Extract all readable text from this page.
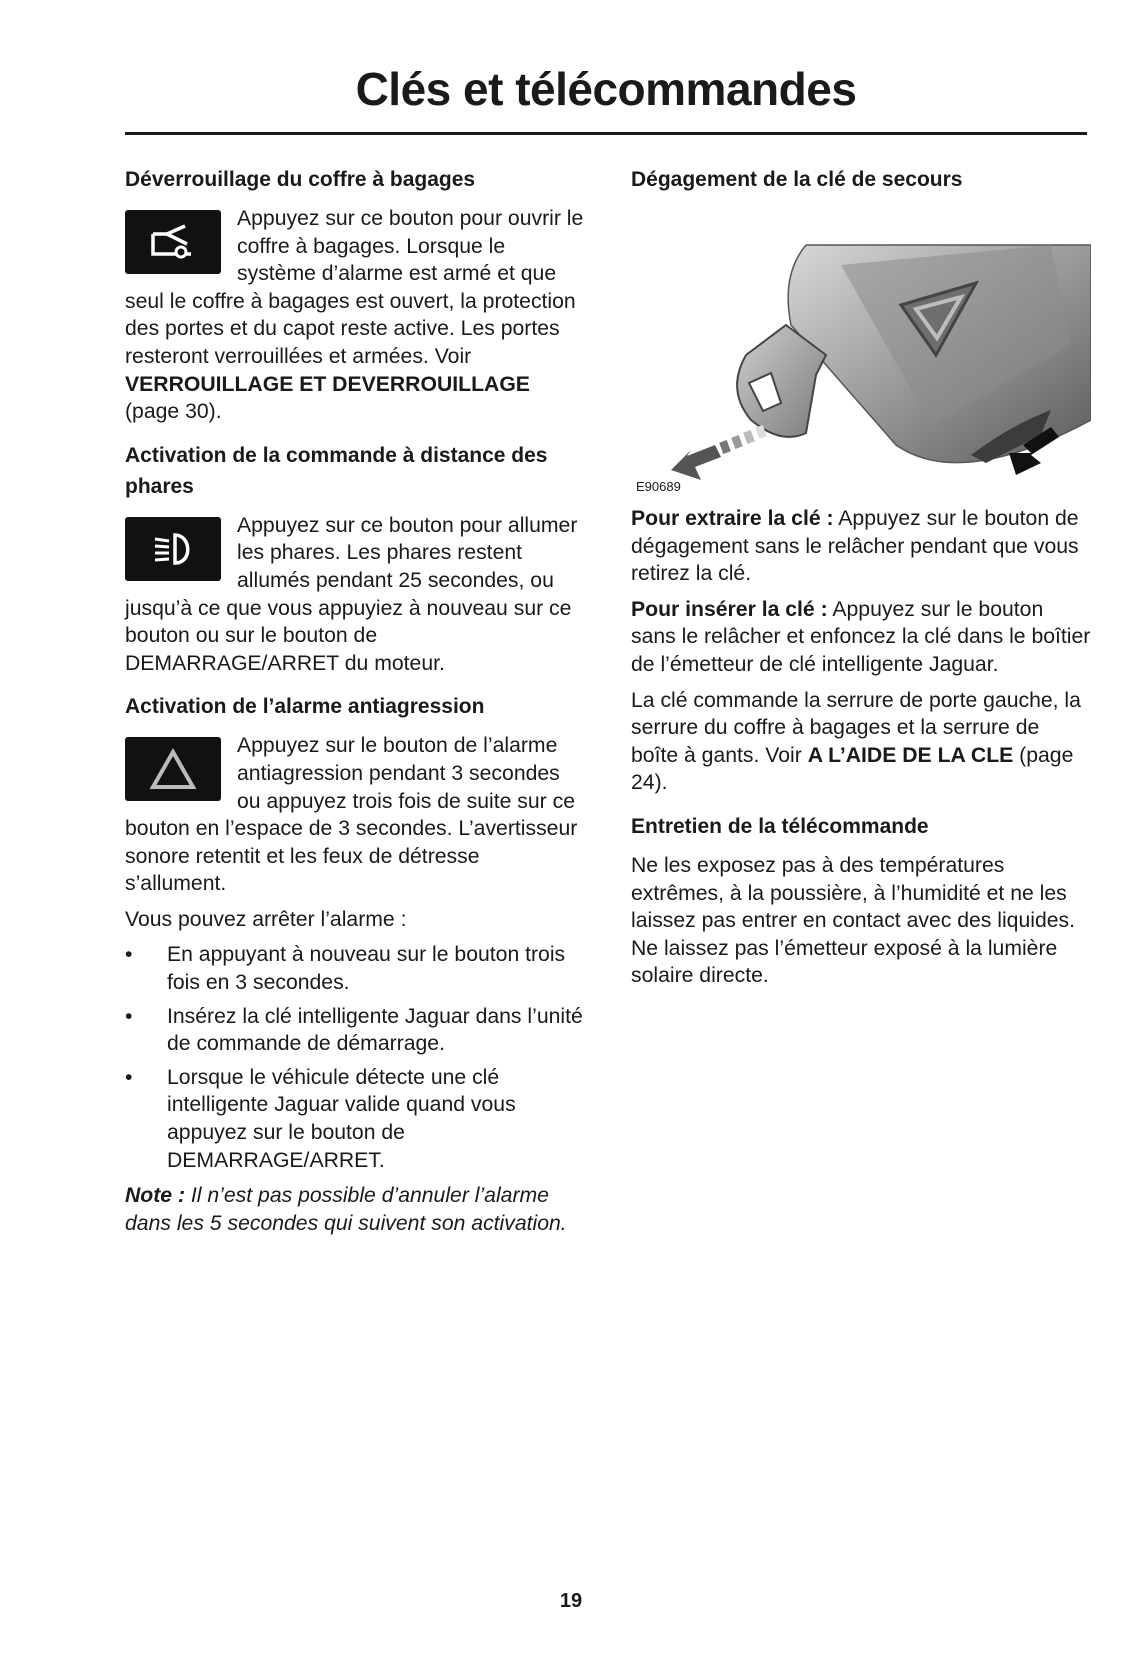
Clés et télécommandes
Déverrouillage du coffre à bagages

Appuyez sur ce bouton pour ouvrir le coffre à bagages. Lorsque le système d’alarme est armé et que seul le coffre à bagages est ouvert, la protection des portes et du capot reste active. Les portes resteront verrouillées et armées. Voir VERROUILLAGE ET DEVERROUILLAGE (page 30).

Activation de la commande à distance des phares

Appuyez sur ce bouton pour allumer les phares. Les phares restent allumés pendant 25 secondes, ou jusqu’à ce que vous appuyiez à nouveau sur ce bouton ou sur le bouton de DEMARRAGE/ARRET du moteur.

Activation de l’alarme antiagression

Appuyez sur le bouton de l’alarme antiagression pendant 3 secondes ou appuyez trois fois de suite sur ce bouton en l’espace de 3 secondes. L’avertisseur sonore retentit et les feux de détresse s’allument.

Vous pouvez arrêter l’alarme :

• En appuyant à nouveau sur le bouton trois fois en 3 secondes.
• Insérez la clé intelligente Jaguar dans l’unité de commande de démarrage.
• Lorsque le véhicule détecte une clé intelligente Jaguar valide quand vous appuyez sur le bouton de DEMARRAGE/ARRET.

Note : Il n’est pas possible d’annuler l’alarme dans les 5 secondes qui suivent son activation.

Dégagement de la clé de secours
E90689

Pour extraire la clé : Appuyez sur le bouton de dégagement sans le relâcher pendant que vous retirez la clé.

Pour insérer la clé : Appuyez sur le bouton sans le relâcher et enfoncez la clé dans le boîtier de l’émetteur de clé intelligente Jaguar.

La clé commande la serrure de porte gauche, la serrure du coffre à bagages et la serrure de boîte à gants. Voir A L’AIDE DE LA CLE (page 24).

Entretien de la télécommande

Ne les exposez pas à des températures extrêmes, à la poussière, à l’humidité et ne les laissez pas entrer en contact avec des liquides. Ne laissez pas l’émetteur exposé à la lumière solaire directe.

19
